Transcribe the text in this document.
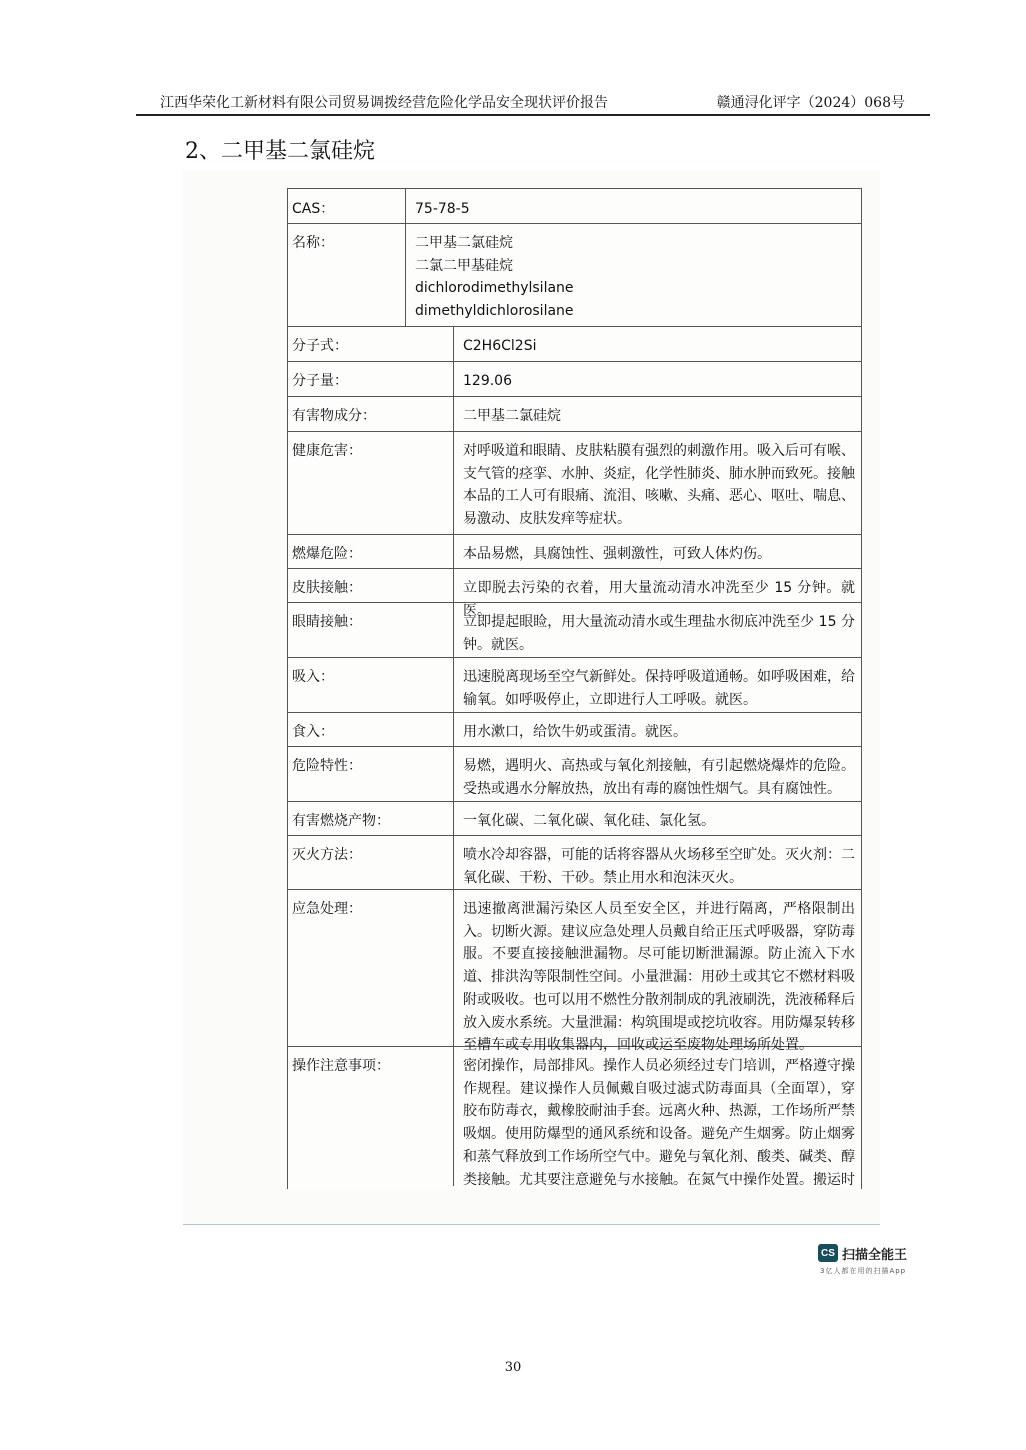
江西华荣化工新材料有限公司贸易调拨经营危险化学品安全现状评价报告	赣通浔化评字（2024）068号
2、二甲基二氯硅烷
CAS：	75-78-5
名称：	二甲基二氯硅烷
二氯二甲基硅烷
dichlorodimethylsilane
dimethyldichlorosilane
分子式：	C2H6Cl2Si
分子量：	129.06
有害物成分：	二甲基二氯硅烷
健康危害：	对呼吸道和眼睛、皮肤粘膜有强烈的刺激作用。吸入后可有喉、支气管的痉挛、水肿、炎症，化学性肺炎、肺水肿而致死。接触本品的工人可有眼痛、流泪、咳嗽、头痛、恶心、呕吐、喘息、易激动、皮肤发痒等症状。
燃爆危险：	本品易燃，具腐蚀性、强刺激性，可致人体灼伤。
皮肤接触：	立即脱去污染的衣着，用大量流动清水冲洗至少 15 分钟。就医。
眼睛接触：	立即提起眼睑，用大量流动清水或生理盐水彻底冲洗至少 15 分钟。就医。
吸入：	迅速脱离现场至空气新鲜处。保持呼吸道通畅。如呼吸困难，给输氧。如呼吸停止，立即进行人工呼吸。就医。
食入：	用水漱口，给饮牛奶或蛋清。就医。
危险特性：	易燃，遇明火、高热或与氧化剂接触，有引起燃烧爆炸的危险。受热或遇水分解放热，放出有毒的腐蚀性烟气。具有腐蚀性。
有害燃烧产物：	一氧化碳、二氧化碳、氧化硅、氯化氢。
灭火方法：	喷水冷却容器，可能的话将容器从火场移至空旷处。灭火剂：二氧化碳、干粉、干砂。禁止用水和泡沫灭火。
应急处理：	迅速撤离泄漏污染区人员至安全区，并进行隔离，严格限制出入。切断火源。建议应急处理人员戴自给正压式呼吸器，穿防毒服。不要直接接触泄漏物。尽可能切断泄漏源。防止流入下水道、排洪沟等限制性空间。小量泄漏：用砂土或其它不燃材料吸附或吸收。也可以用不燃性分散剂制成的乳液刷洗，洗液稀释后放入废水系统。大量泄漏：构筑围堤或挖坑收容。用防爆泵转移至槽车或专用收集器内，回收或运至废物处理场所处置。
操作注意事项：	密闭操作，局部排风。操作人员必须经过专门培训，严格遵守操作规程。建议操作人员佩戴自吸过滤式防毒面具（全面罩），穿胶布防毒衣，戴橡胶耐油手套。远离火种、热源，工作场所严禁吸烟。使用防爆型的通风系统和设备。避免产生烟雾。防止烟雾和蒸气释放到工作场所空气中。避免与氧化剂、酸类、碱类、醇类接触。尤其要注意避免与水接触。在氮气中操作处置。搬运时
CS 扫描全能王
3亿人都在用的扫描App
30
